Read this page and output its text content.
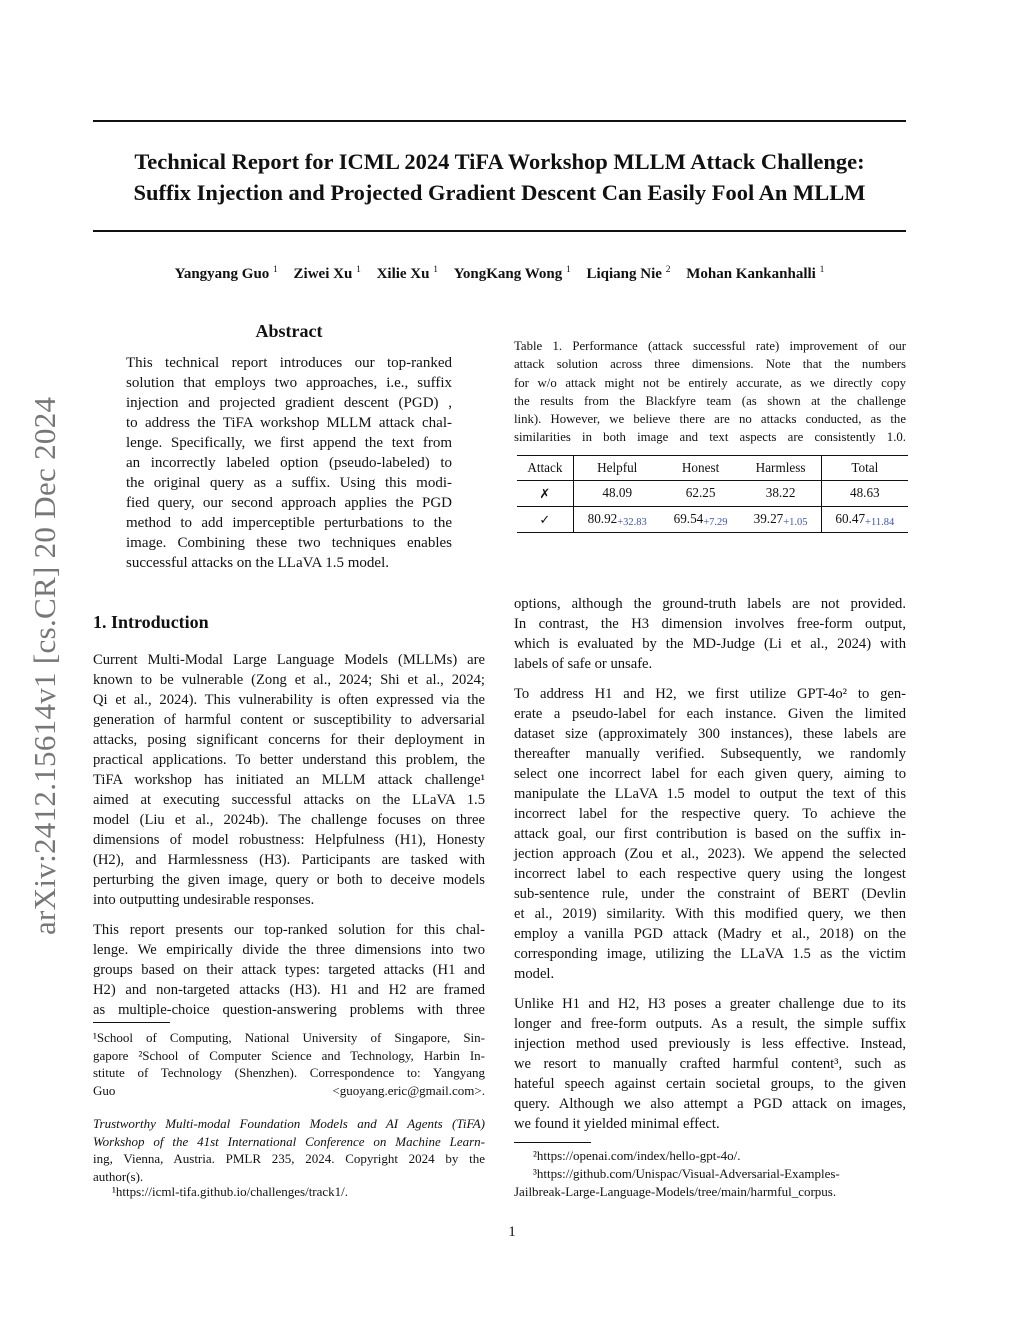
Technical Report for ICML 2024 TiFA Workshop MLLM Attack Challenge:
Suffix Injection and Projected Gradient Descent Can Easily Fool An MLLM
Yangyang Guo $^1$ Ziwei Xu $^1$ Xilie Xu $^1$ YongKang Wong $^1$ Liqiang Nie $^2$ Mohan Kankanhalli $^1$
arXiv:2412.15614v1 [cs.CR] 20 Dec 2024
Abstract
This technical report introduces our top-ranked
solution that employs two approaches, i.e., suffix
injection and projected gradient descent (PGD) ,
to address the TiFA workshop MLLM attack chal-
lenge. Specifically, we first append the text from
an incorrectly labeled option (pseudo-labeled) to
the original query as a suffix. Using this modi-
fied query, our second approach applies the PGD
method to add imperceptible perturbations to the
image. Combining these two techniques enables
successful attacks on the LLaVA 1.5 model.
Table 1. Performance (attack successful rate) improvement of our
attack solution across three dimensions. Note that the numbers
for w/o attack might not be entirely accurate, as we directly copy
the results from the Blackfyre team (as shown at the challenge
link). However, we believe there are no attacks conducted, as the
similarities in both image and text aspects are consistently 1.0.
Attack	Helpful	Honest	Harmless	Total
✗	48.09	62.25	38.22	48.63
✓	80.92+32.83	69.54+7.29	39.27+1.05	60.47+11.84
1. Introduction

Current Multi-Modal Large Language Models (MLLMs) are
known to be vulnerable (Zong et al., 2024; Shi et al., 2024;
Qi et al., 2024). This vulnerability is often expressed via the
generation of harmful content or susceptibility to adversarial
attacks, posing significant concerns for their deployment in
practical applications. To better understand this problem, the
TiFA workshop has initiated an MLLM attack challenge¹
aimed at executing successful attacks on the LLaVA 1.5
model (Liu et al., 2024b). The challenge focuses on three
dimensions of model robustness: Helpfulness (H1), Honesty
(H2), and Harmlessness (H3). Participants are tasked with
perturbing the given image, query or both to deceive models
into outputting undesirable responses.

This report presents our top-ranked solution for this chal-
lenge. We empirically divide the three dimensions into two
groups based on their attack types: targeted attacks (H1 and
H2) and non-targeted attacks (H3). H1 and H2 are framed
as multiple-choice question-answering problems with three

¹School of Computing, National University of Singapore, Sin-
gapore ²School of Computer Science and Technology, Harbin In-
stitute of Technology (Shenzhen). Correspondence to: Yangyang
Guo <guoyang.eric@gmail.com>.
Trustworthy Multi-modal Foundation Models and AI Agents (TiFA)
Workshop of the 41st International Conference on Machine Learn-
ing, Vienna, Austria. PMLR 235, 2024. Copyright 2024 by the
author(s).
¹https://icml-tifa.github.io/challenges/track1/.

options, although the ground-truth labels are not provided.
In contrast, the H3 dimension involves free-form output,
which is evaluated by the MD-Judge (Li et al., 2024) with
labels of safe or unsafe.

To address H1 and H2, we first utilize GPT-4o² to gen-
erate a pseudo-label for each instance. Given the limited
dataset size (approximately 300 instances), these labels are
thereafter manually verified. Subsequently, we randomly
select one incorrect label for each given query, aiming to
manipulate the LLaVA 1.5 model to output the text of this
incorrect label for the respective query. To achieve the
attack goal, our first contribution is based on the suffix in-
jection approach (Zou et al., 2023). We append the selected
incorrect label to each respective query using the longest
sub-sentence rule, under the constraint of BERT (Devlin
et al., 2019) similarity. With this modified query, we then
employ a vanilla PGD attack (Madry et al., 2018) on the
corresponding image, utilizing the LLaVA 1.5 as the victim
model.

Unlike H1 and H2, H3 poses a greater challenge due to its
longer and free-form outputs. As a result, the simple suffix
injection method used previously is less effective. Instead,
we resort to manually crafted harmful content³, such as
hateful speech against certain societal groups, to the given
query. Although we also attempt a PGD attack on images,
we found it yielded minimal effect.

²https://openai.com/index/hello-gpt-4o/.
³https://github.com/Unispac/Visual-Adversarial-Examples-
Jailbreak-Large-Language-Models/tree/main/harmful_corpus.
1
